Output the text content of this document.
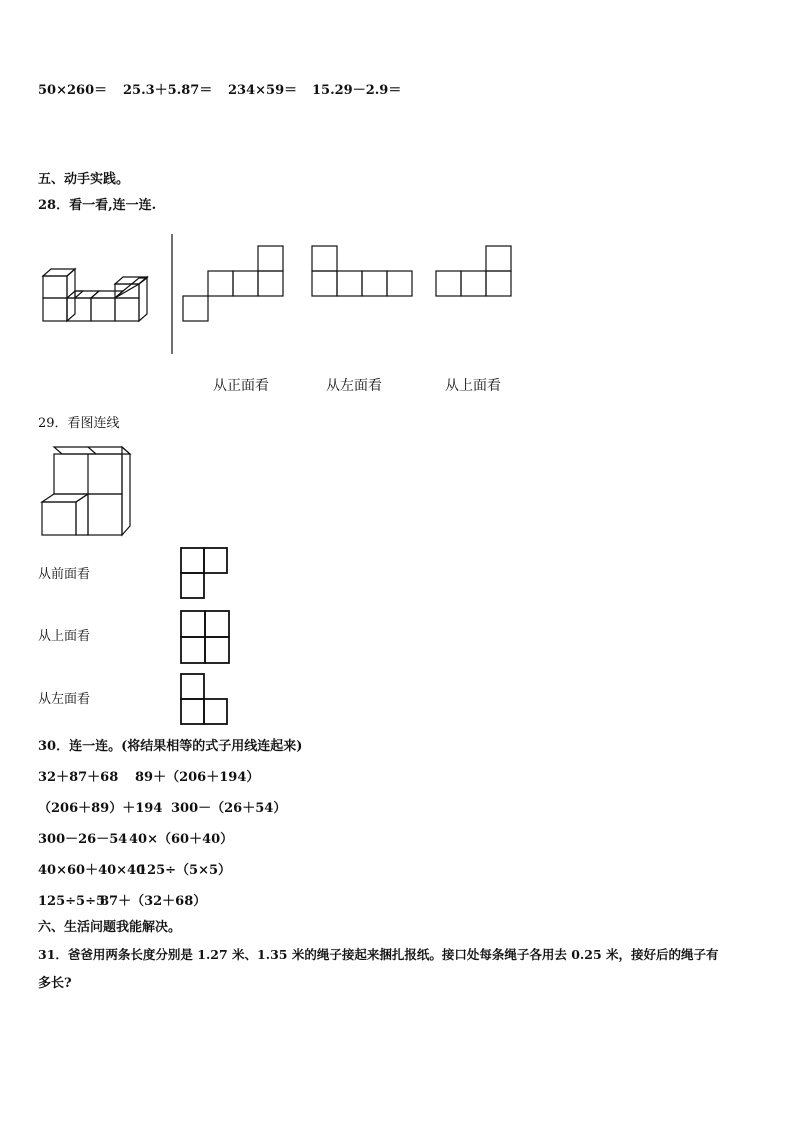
50×260＝ 25.3＋5.87＝ 234×59＝ 15.29－2.9＝
五、动手实践。
28．看一看,连一连.
从正面看	从左面看	从上面看
29．看图连线
从前面看
从上面看
从左面看
30．连一连。(将结果相等的式子用线连起来)
32＋87＋68 89＋（206＋194）
（206＋89）＋194 300－（26＋54）
300－26－54 40×（60＋40）
40×60＋40×40
125÷（5×5）
125÷5÷5
87＋（32＋68）
六、生活问题我能解决。
31．爸爸用两条长度分别是 1.27 米、1.35 米的绳子接起来捆扎报纸。接口处每条绳子各用去 0.25 米，接好后的绳子有
多长?
